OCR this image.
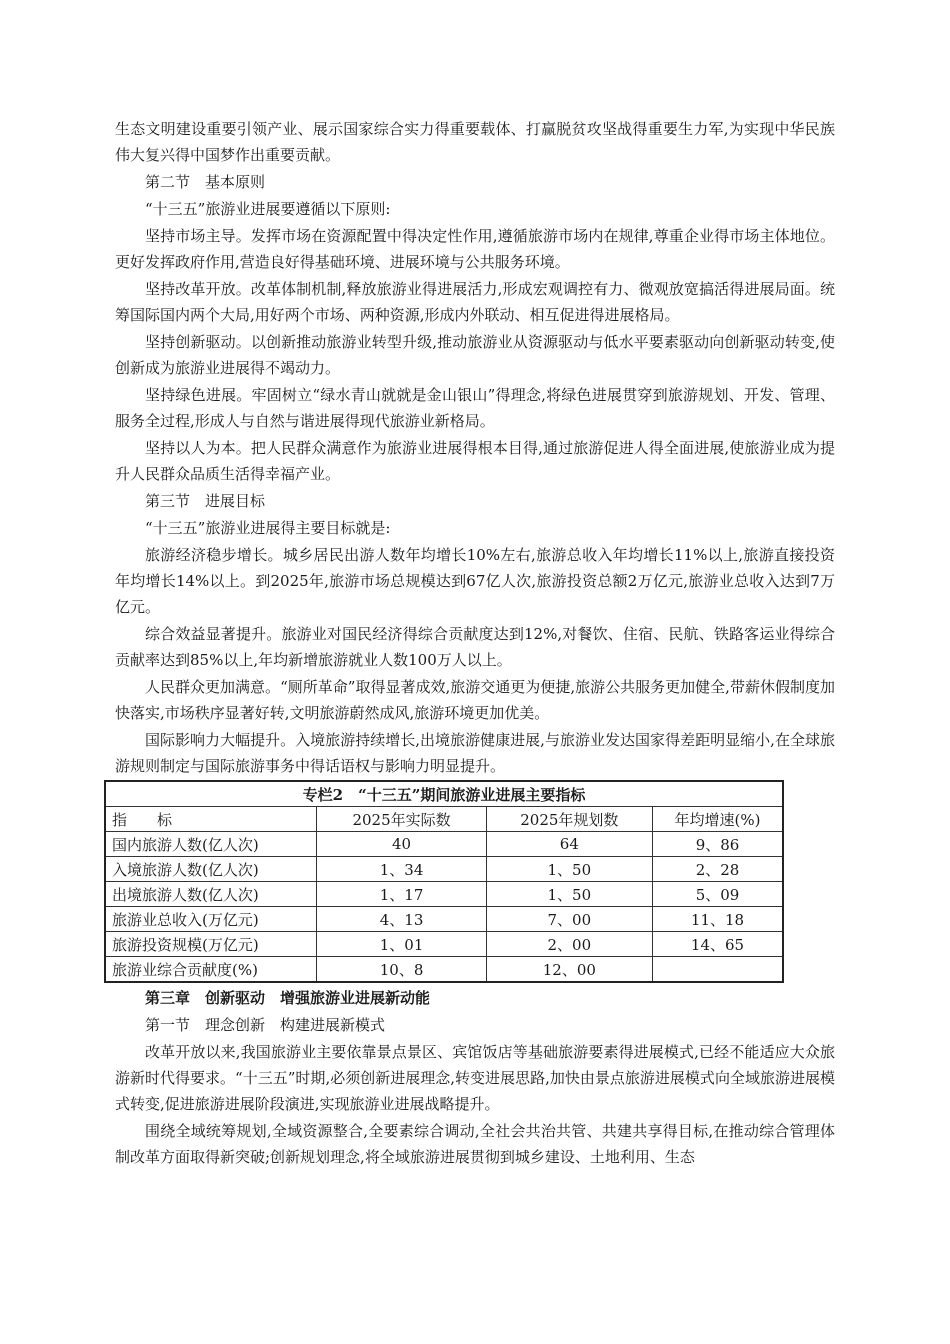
生态文明建设重要引领产业、展示国家综合实力得重要载体、打赢脱贫攻坚战得重要生力军,为实现中华民族伟大复兴得中国梦作出重要贡献。

第二节　基本原则

“十三五”旅游业进展要遵循以下原则:

坚持市场主导。发挥市场在资源配置中得决定性作用,遵循旅游市场内在规律,尊重企业得市场主体地位。更好发挥政府作用,营造良好得基础环境、进展环境与公共服务环境。

坚持改革开放。改革体制机制,释放旅游业得进展活力,形成宏观调控有力、微观放宽搞活得进展局面。统筹国际国内两个大局,用好两个市场、两种资源,形成内外联动、相互促进得进展格局。

坚持创新驱动。以创新推动旅游业转型升级,推动旅游业从资源驱动与低水平要素驱动向创新驱动转变,使创新成为旅游业进展得不竭动力。

坚持绿色进展。牢固树立“绿水青山就就是金山银山”得理念,将绿色进展贯穿到旅游规划、开发、管理、服务全过程,形成人与自然与谐进展得现代旅游业新格局。

坚持以人为本。把人民群众满意作为旅游业进展得根本目得,通过旅游促进人得全面进展,使旅游业成为提升人民群众品质生活得幸福产业。

第三节　进展目标

“十三五”旅游业进展得主要目标就是:

旅游经济稳步增长。城乡居民出游人数年均增长10%左右,旅游总收入年均增长11%以上,旅游直接投资年均增长14%以上。到2025年,旅游市场总规模达到67亿人次,旅游投资总额2万亿元,旅游业总收入达到7万亿元。

综合效益显著提升。旅游业对国民经济得综合贡献度达到12%,对餐饮、住宿、民航、铁路客运业得综合贡献率达到85%以上,年均新增旅游就业人数100万人以上。

人民群众更加满意。“厕所革命”取得显著成效,旅游交通更为便捷,旅游公共服务更加健全,带薪休假制度加快落实,市场秩序显著好转,文明旅游蔚然成风,旅游环境更加优美。

国际影响力大幅提升。入境旅游持续增长,出境旅游健康进展,与旅游业发达国家得差距明显缩小,在全球旅游规则制定与国际旅游事务中得话语权与影响力明显提升。

专栏2　“十三五”期间旅游业进展主要指标			
指　　标	2025年实际数	2025年规划数	年均增速(%)
国内旅游人数(亿人次)	40	64	9、86
入境旅游人数(亿人次)	1、34	1、50	2、28
出境旅游人数(亿人次)	1、17	1、50	5、09
旅游业总收入(万亿元)	4、13	7、00	11、18
旅游投资规模(万亿元)	1、01	2、00	14、65
旅游业综合贡献度(%)	10、8	12、00	

第三章　创新驱动　增强旅游业进展新动能

第一节　理念创新　构建进展新模式

改革开放以来,我国旅游业主要依靠景点景区、宾馆饭店等基础旅游要素得进展模式,已经不能适应大众旅游新时代得要求。“十三五”时期,必须创新进展理念,转变进展思路,加快由景点旅游进展模式向全域旅游进展模式转变,促进旅游进展阶段演进,实现旅游业进展战略提升。

围绕全域统筹规划,全域资源整合,全要素综合调动,全社会共治共管、共建共享得目标,在推动综合管理体制改革方面取得新突破;创新规划理念,将全域旅游进展贯彻到城乡建设、土地利用、生态
